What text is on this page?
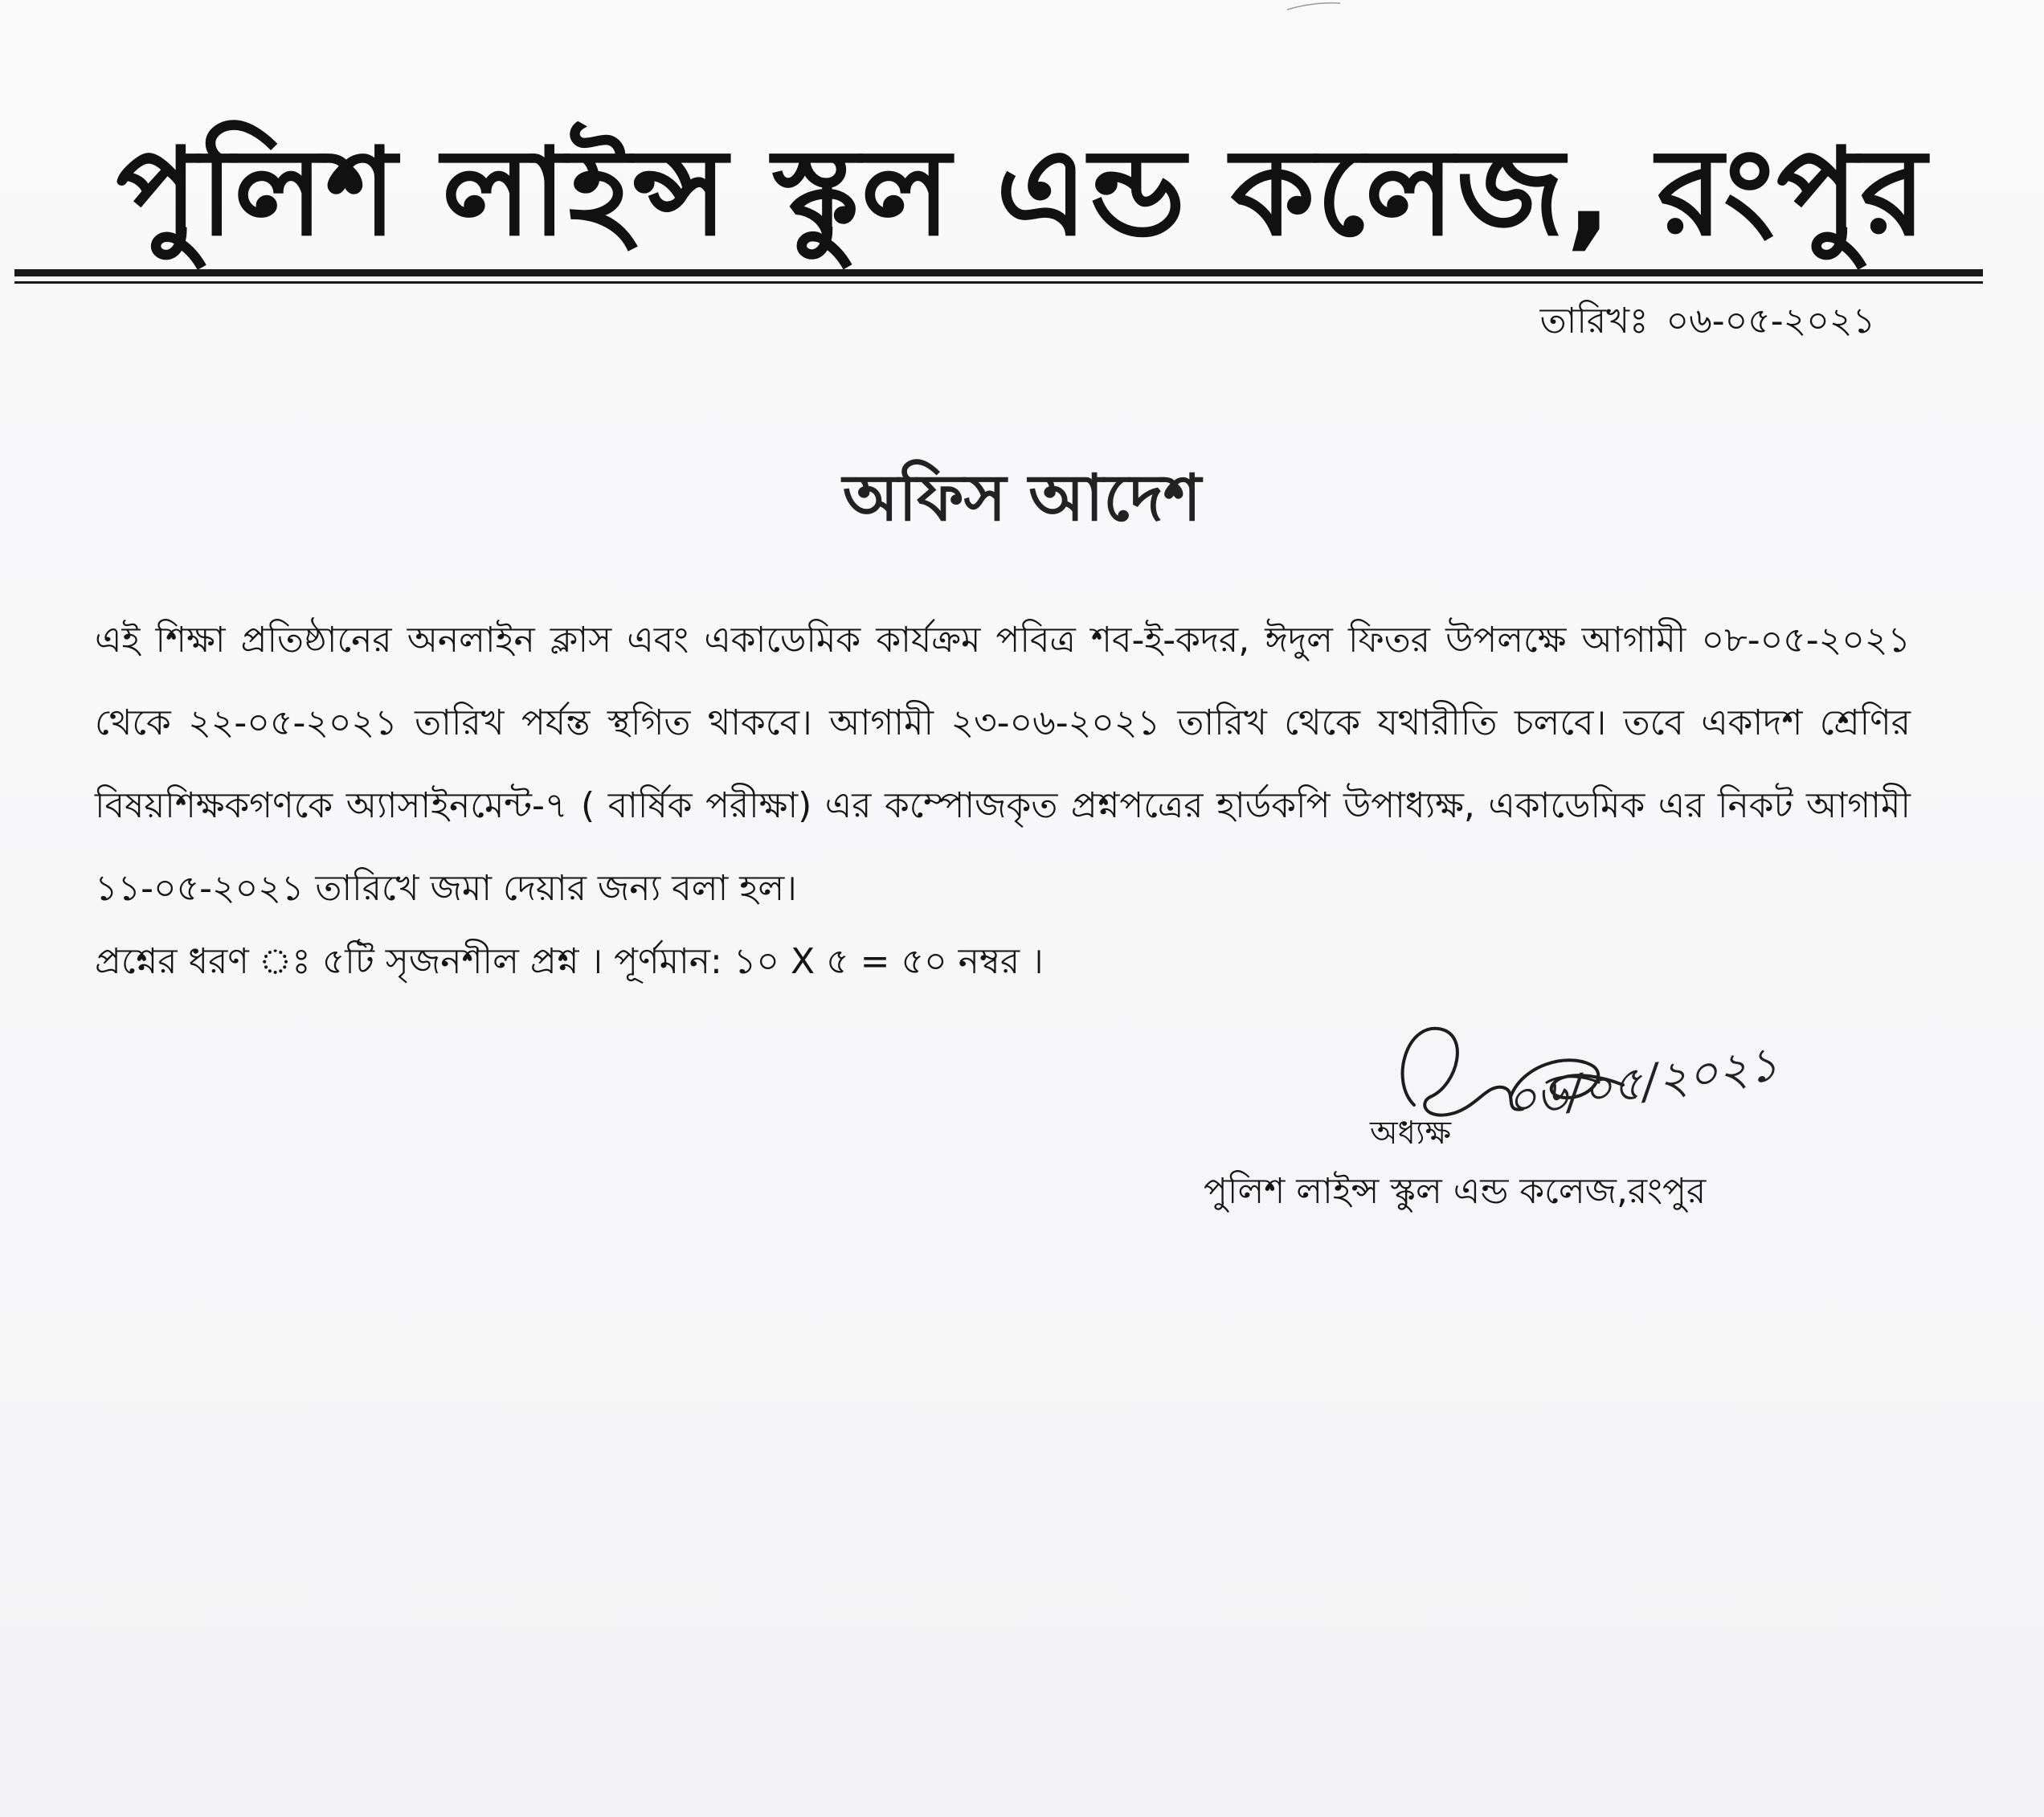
পুলিশ লাইন্স স্কুল এন্ড কলেজ, রংপুর
তারিখঃ ০৬-০৫-২০২১
অফিস আদেশ
এই শিক্ষা প্রতিষ্ঠানের অনলাইন ক্লাস এবং একাডেমিক কার্যক্রম পবিত্র শব-ই-কদর, ঈদুল ফিতর উপলক্ষে আগামী ০৮-০৫-২০২১ থেকে ২২-০৫-২০২১ তারিখ পর্যন্ত স্থগিত থাকবে। আগামী ২৩-০৬-২০২১ তারিখ থেকে যথারীতি চলবে। তবে একাদশ শ্রেণির বিষয়শিক্ষকগণকে অ্যাসাইনমেন্ট-৭ ( বার্ষিক পরীক্ষা) এর কম্পোজকৃত প্রশ্নপত্রের হার্ডকপি উপাধ্যক্ষ, একাডেমিক এর নিকট আগামী ১১-০৫-২০২১ তারিখে জমা দেয়ার জন্য বলা হল।
প্রশ্নের ধরণ ঃ ৫টি সৃজনশীল প্রশ্ন । পূর্ণমান: ১০ X ৫ = ৫০ নম্বর ।
০৬/০৫/২০২১
অধ্যক্ষ
পুলিশ লাইন্স স্কুল এন্ড কলেজ,রংপুর
